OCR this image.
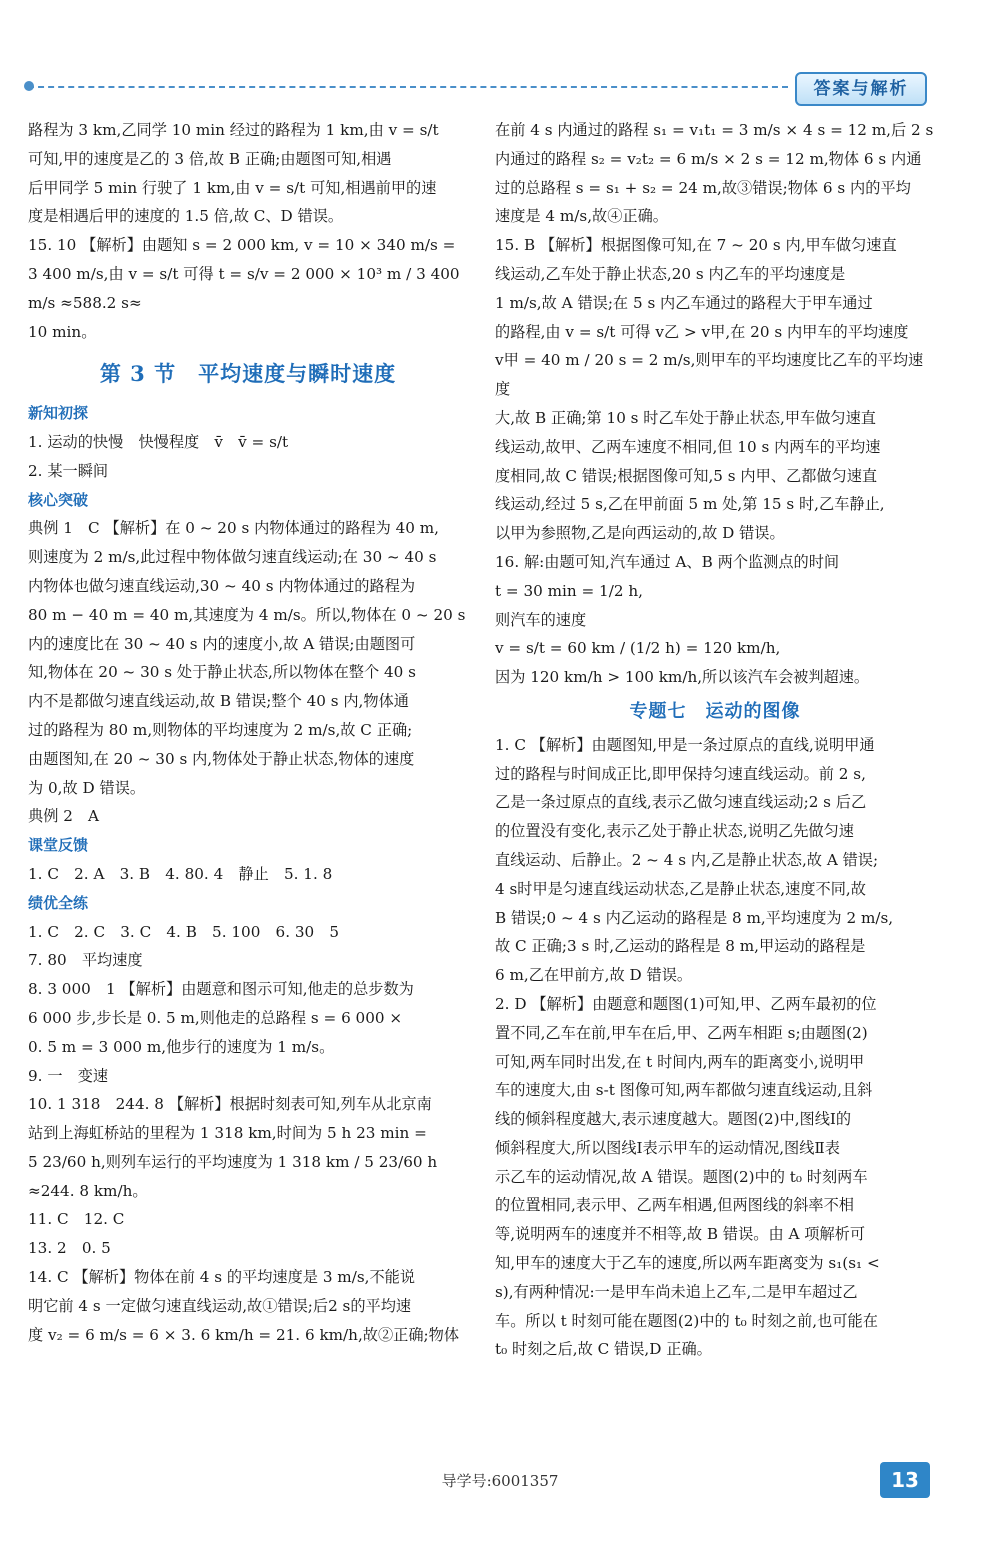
答案与解析

路程为 3 km,乙同学 10 min 经过的路程为 1 km,由 v = s/t

可知,甲的速度是乙的 3 倍,故 B 正确;由题图可知,相遇

后甲同学 5 min 行驶了 1 km,由 v = s/t 可知,相遇前甲的速

度是相遇后甲的速度的 1.5 倍,故 C、D 错误。

15. 10 【解析】由题知 s = 2 000 km, v = 10 × 340 m/s =

3 400 m/s,由 v = s/t 可得 t = s/v = 2 000 × 10³ m / 3 400 m/s ≈588.2 s≈

10 min。

第 3 节　平均速度与瞬时速度
新知初探

1. 运动的快慢　快慢程度　v̄　v̄ = s/t

2. 某一瞬间

核心突破

典例 1　C 【解析】在 0 ~ 20 s 内物体通过的路程为 40 m,

则速度为 2 m/s,此过程中物体做匀速直线运动;在 30 ~ 40 s

内物体也做匀速直线运动,30 ~ 40 s 内物体通过的路程为

80 m − 40 m = 40 m,其速度为 4 m/s。所以,物体在 0 ~ 20 s

内的速度比在 30 ~ 40 s 内的速度小,故 A 错误;由题图可

知,物体在 20 ~ 30 s 处于静止状态,所以物体在整个 40 s

内不是都做匀速直线运动,故 B 错误;整个 40 s 内,物体通

过的路程为 80 m,则物体的平均速度为 2 m/s,故 C 正确;

由题图知,在 20 ~ 30 s 内,物体处于静止状态,物体的速度

为 0,故 D 错误。

典例 2　A

课堂反馈

1. C　2. A　3. B　4. 80. 4　静止　5. 1. 8

绩优全练

1. C　2. C　3. C　4. B　5. 100　6. 30　5

7. 80　平均速度

8. 3 000　1 【解析】由题意和图示可知,他走的总步数为

6 000 步,步长是 0. 5 m,则他走的总路程 s = 6 000 ×

0. 5 m = 3 000 m,他步行的速度为 1 m/s。

9. 一　变速

10. 1 318　244. 8 【解析】根据时刻表可知,列车从北京南

站到上海虹桥站的里程为 1 318 km,时间为 5 h 23 min =

5 23/60 h,则列车运行的平均速度为 1 318 km / 5 23/60 h ≈244. 8 km/h。

11. C　12. C

13. 2　0. 5

14. C 【解析】物体在前 4 s 的平均速度是 3 m/s,不能说

明它前 4 s 一定做匀速直线运动,故①错误;后2 s的平均速

度 v₂ = 6 m/s = 6 × 3. 6 km/h = 21. 6 km/h,故②正确;物体

在前 4 s 内通过的路程 s₁ = v₁t₁ = 3 m/s × 4 s = 12 m,后 2 s

内通过的路程 s₂ = v₂t₂ = 6 m/s × 2 s = 12 m,物体 6 s 内通

过的总路程 s = s₁ + s₂ = 24 m,故③错误;物体 6 s 内的平均

速度是 4 m/s,故④正确。

15. B 【解析】根据图像可知,在 7 ~ 20 s 内,甲车做匀速直

线运动,乙车处于静止状态,20 s 内乙车的平均速度是

1 m/s,故 A 错误;在 5 s 内乙车通过的路程大于甲车通过

的路程,由 v = s/t 可得 v乙 > v甲,在 20 s 内甲车的平均速度

v甲 = 40 m / 20 s = 2 m/s,则甲车的平均速度比乙车的平均速度

大,故 B 正确;第 10 s 时乙车处于静止状态,甲车做匀速直

线运动,故甲、乙两车速度不相同,但 10 s 内两车的平均速

度相同,故 C 错误;根据图像可知,5 s 内甲、乙都做匀速直

线运动,经过 5 s,乙在甲前面 5 m 处,第 15 s 时,乙车静止,

以甲为参照物,乙是向西运动的,故 D 错误。

16. 解:由题可知,汽车通过 A、B 两个监测点的时间

t = 30 min = 1/2 h,

则汽车的速度

v = s/t = 60 km / (1/2 h) = 120 km/h,

因为 120 km/h > 100 km/h,所以该汽车会被判超速。

专题七　运动的图像

1. C 【解析】由题图知,甲是一条过原点的直线,说明甲通

过的路程与时间成正比,即甲保持匀速直线运动。前 2 s,

乙是一条过原点的直线,表示乙做匀速直线运动;2 s 后乙

的位置没有变化,表示乙处于静止状态,说明乙先做匀速

直线运动、后静止。2 ~ 4 s 内,乙是静止状态,故 A 错误;

4 s时甲是匀速直线运动状态,乙是静止状态,速度不同,故

B 错误;0 ~ 4 s 内乙运动的路程是 8 m,平均速度为 2 m/s,

故 C 正确;3 s 时,乙运动的路程是 8 m,甲运动的路程是

6 m,乙在甲前方,故 D 错误。

2. D 【解析】由题意和题图(1)可知,甲、乙两车最初的位

置不同,乙车在前,甲车在后,甲、乙两车相距 s;由题图(2)

可知,两车同时出发,在 t 时间内,两车的距离变小,说明甲

车的速度大,由 s-t 图像可知,两车都做匀速直线运动,且斜

线的倾斜程度越大,表示速度越大。题图(2)中,图线Ⅰ的

倾斜程度大,所以图线Ⅰ表示甲车的运动情况,图线Ⅱ表

示乙车的运动情况,故 A 错误。题图(2)中的 t₀ 时刻两车

的位置相同,表示甲、乙两车相遇,但两图线的斜率不相

等,说明两车的速度并不相等,故 B 错误。由 A 项解析可

知,甲车的速度大于乙车的速度,所以两车距离变为 s₁(s₁ <

s),有两种情况:一是甲车尚未追上乙车,二是甲车超过乙

车。所以 t 时刻可能在题图(2)中的 t₀ 时刻之前,也可能在

t₀ 时刻之后,故 C 错误,D 正确。

导学号:6001357	13
